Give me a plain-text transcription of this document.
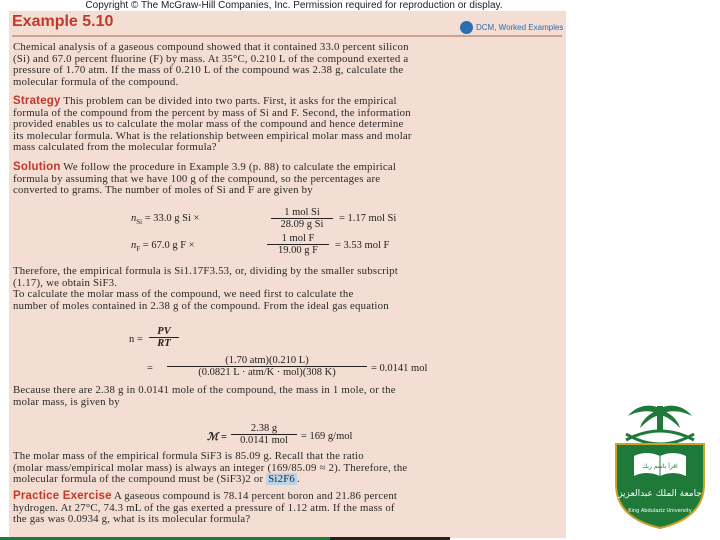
Copyright © The McGraw-Hill Companies, Inc. Permission required for reproduction or display.
Example 5.10	DCM, Worked Examples
Chemical analysis of a gaseous compound showed that it contained 33.0 percent silicon
(Si) and 67.0 percent fluorine (F) by mass. At 35°C, 0.210 L of the compound exerted a
pressure of 1.70 atm. If the mass of 0.210 L of the compound was 2.38 g, calculate the
molecular formula of the compound.
Strategy This problem can be divided into two parts. First, it asks for the empirical
formula of the compound from the percent by mass of Si and F. Second, the information
provided enables us to calculate the molar mass of the compound and hence determine
its molecular formula. What is the relationship between empirical molar mass and molar
mass calculated from the molecular formula?
Solution We follow the procedure in Example 3.9 (p. 88) to calculate the empirical
formula by assuming that we have 100 g of the compound, so the percentages are
converted to grams. The number of moles of Si and F are given by
$n_{Si} = 33.0$ g Si ×
1 mol Si
28.09 g Si
= 1.17 mol Si
$n_F = 67.0$ g F ×
1 mol F
19.00 g F	= 3.53 mol F
Therefore, the empirical formula is Si1.17F3.53, or, dividing by the smaller subscript
(1.17), we obtain SiF3.
To calculate the molar mass of the compound, we need first to calculate the
number of moles contained in 2.38 g of the compound. From the ideal gas equation
$n = \frac{PV}{RT}$
=
(1.70 atm)(0.210 L)
(0.0821 L · atm/K · mol)(308 K)	= 0.0141 mol
Because there are 2.38 g in 0.0141 mole of the compound, the mass in 1 mole, or the
molar mass, is given by
ℳ =
2.38 g
0.0141 mol	= 169 g/mol
The molar mass of the empirical formula SiF3 is 85.09 g. Recall that the ratio
(molar mass/empirical molar mass) is always an integer (169/85.09 ≈ 2). Therefore, the
molecular formula of the compound must be (SiF3)2 or Si2F6 .
Practice Exercise A gaseous compound is 78.14 percent boron and 21.86 percent
hydrogen. At 27°C, 74.3 mL of the gas exerted a pressure of 1.12 atm. If the mass of
the gas was 0.0934 g, what is its molecular formula?
اقرأ باسم ربك
جامعة الملك عبدالعزيز
King Abdulaziz University
